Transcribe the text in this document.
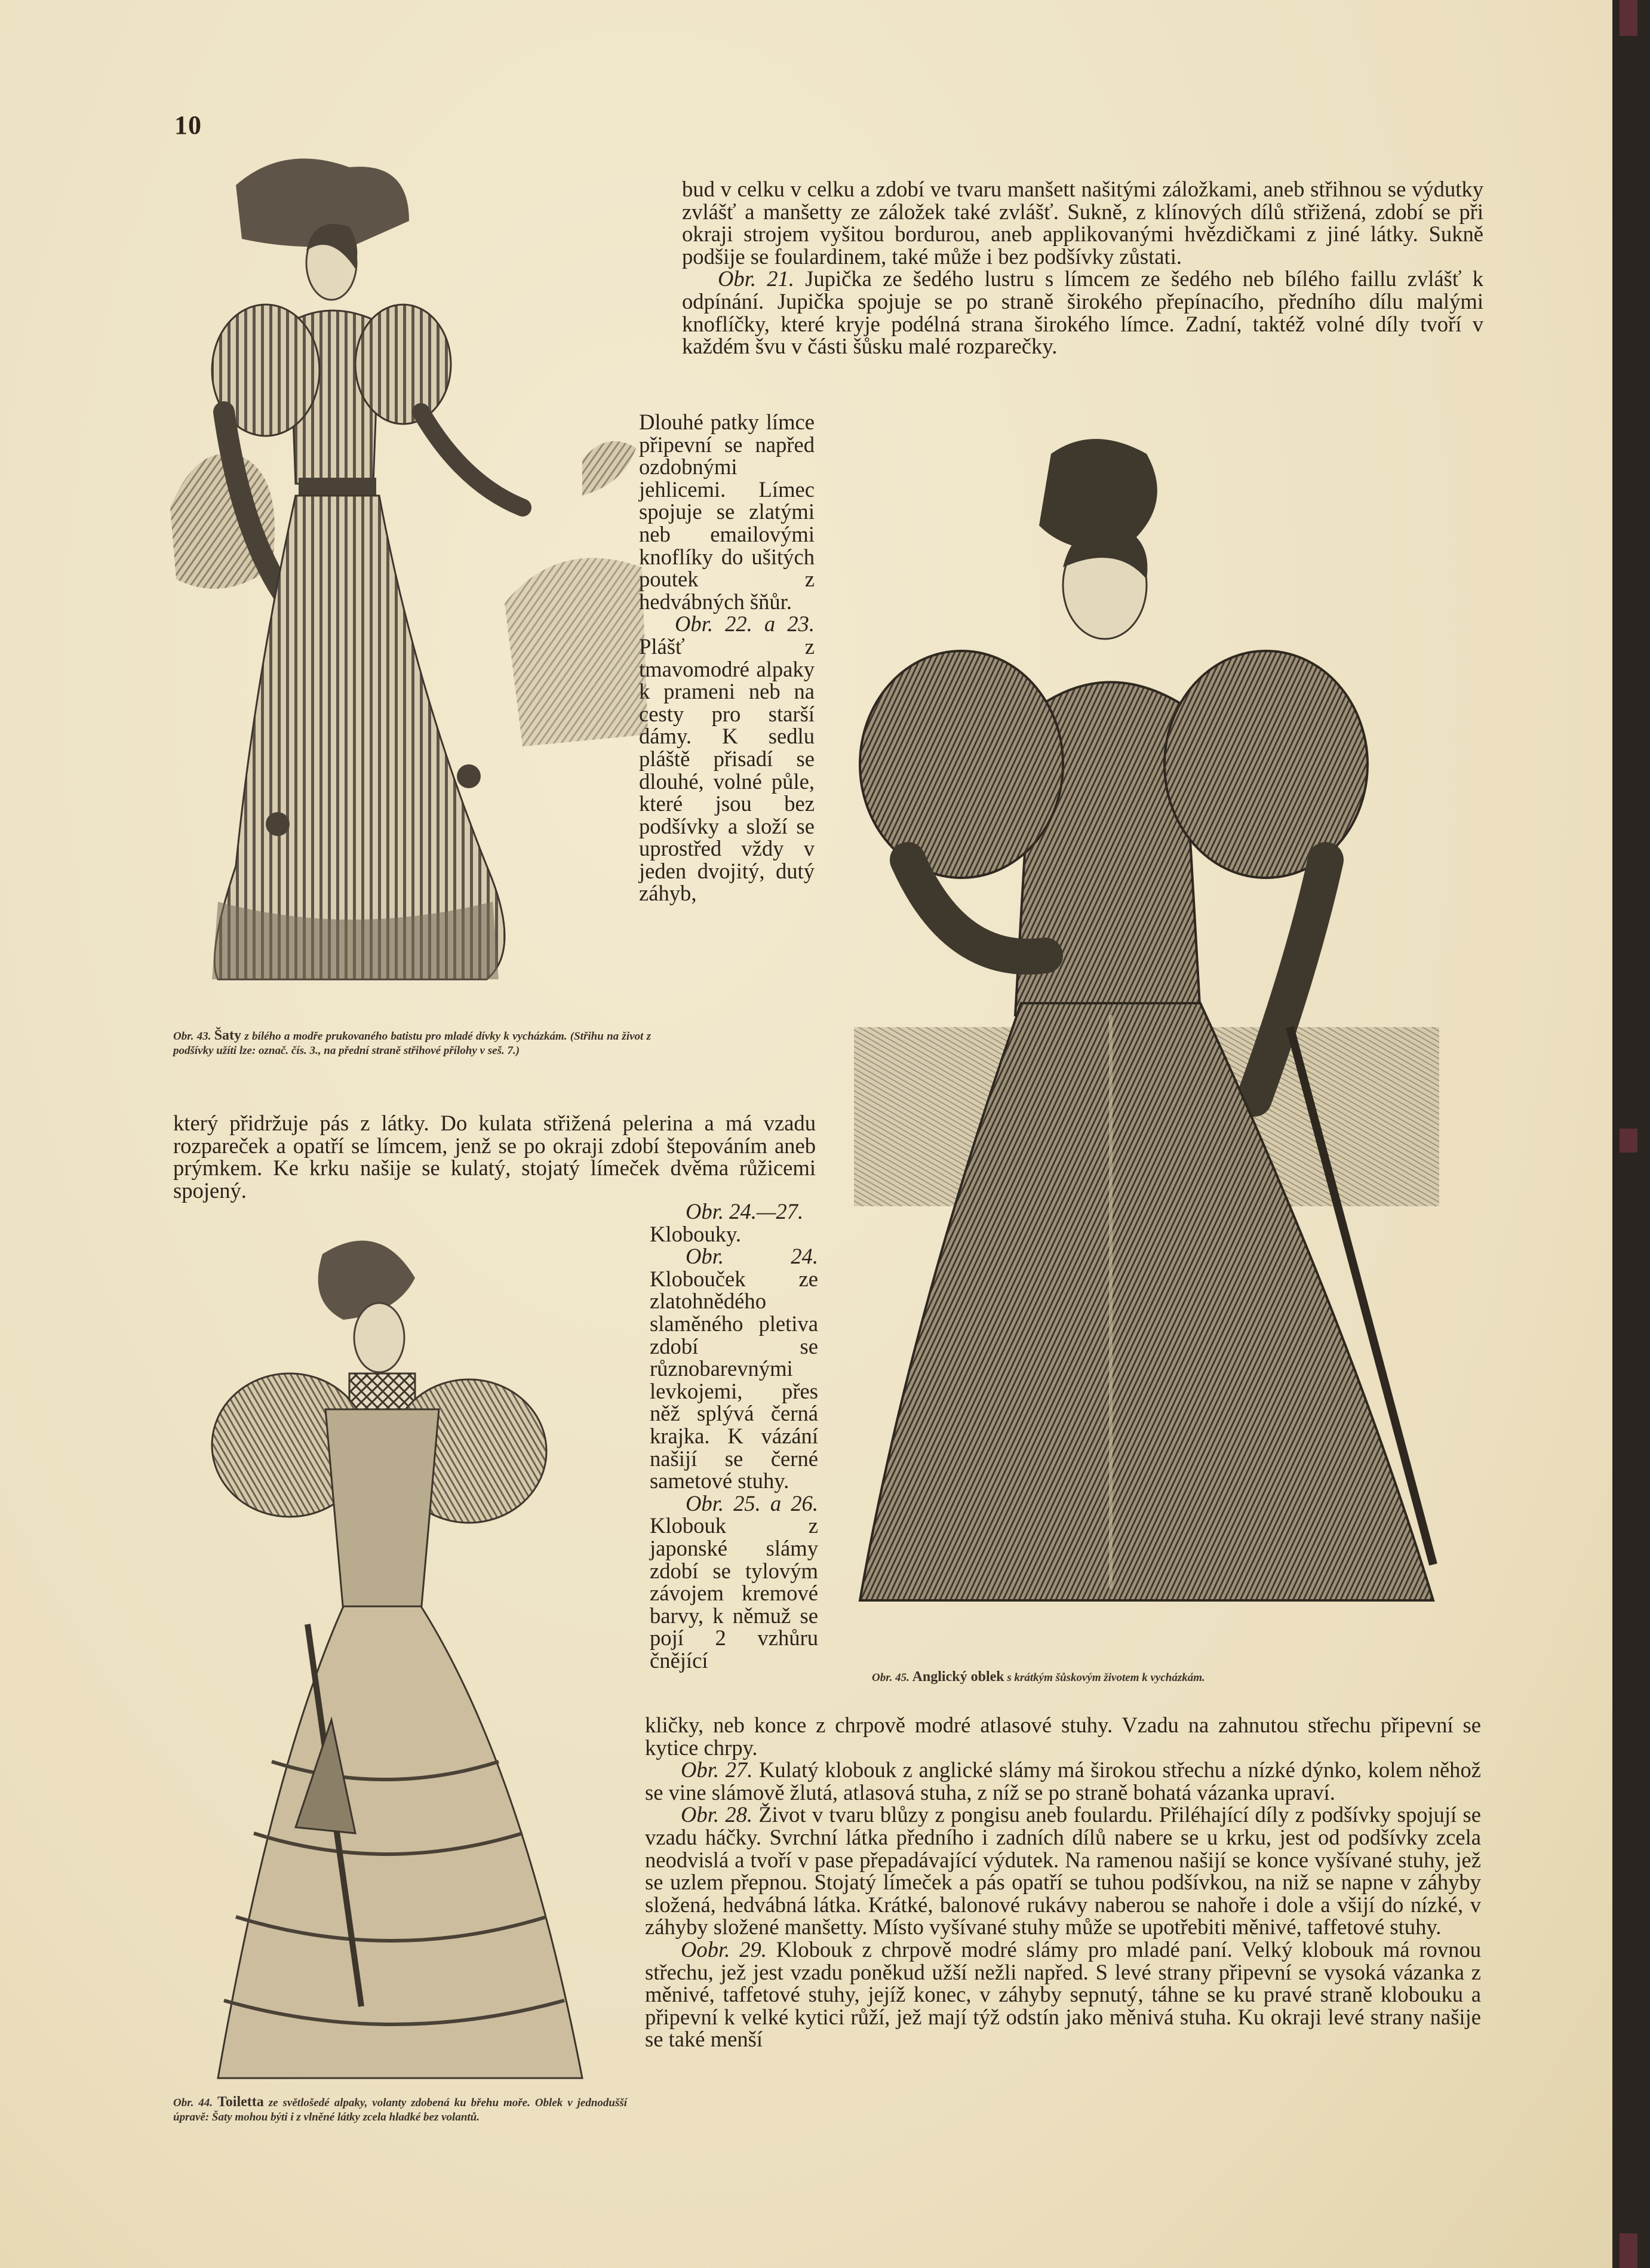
10

bud v celku v celku a zdobí ve tvaru manšett našitými záložkami, aneb střihnou se výdutky zvlášť a manšetty ze záložek také zvlášť. Sukně, z klínových dílů střižená, zdobí se při okraji strojem vyšitou bordurou, aneb applikovanými hvězdičkami z jiné látky. Sukně podšije se foulardinem, také může i bez podšívky zůstati.

Obr. 21. Jupička ze šedého lustru s límcem ze šedého neb bílého faillu zvlášť k odpínání. Jupička spojuje se po straně širokého přepínacího, předního dílu malými knoflíčky, které kryje podélná strana širokého límce. Zadní, taktéž volné díly tvoří v každém švu v části šůsku malé rozparečky.

Dlouhé patky límce připevní se napřed ozdobnými jehlicemi. Límec spojuje se zlatými neb emailovými knoflíky do ušitých poutek z hedvábných šňůr.

Obr. 22. a 23. Plášť z tmavomodré alpaky k prameni neb na cesty pro starší dámy. K sedlu pláště přisadí se dlouhé, volné půle, které jsou bez podšívky a složí se uprostřed vždy v jeden dvojitý, dutý záhyb,

který přidržuje pás z látky. Do kulata střižená pelerina a má vzadu rozpareček a opatří se límcem, jenž se po okraji zdobí štepováním aneb prýmkem. Ke krku našije se kulatý, stojatý límeček dvěma růžicemi spojený.

Obr. 24.—27.
Klobouky.

Obr. 24. Klobouček ze zlatohnědého slaměného pletiva zdobí se různobarevnými levkojemi, přes něž splývá černá krajka. K vázání našijí se černé sametové stuhy.

Obr. 25. a 26. Klobouk z japonské slámy zdobí se tylovým závojem kremové barvy, k němuž se pojí 2 vzhůru čnějící

kličky, neb konce z chrpově modré atlasové stuhy. Vzadu na zahnutou střechu připevní se kytice chrpy.

Obr. 27. Kulatý klobouk z anglické slámy má širokou střechu a nízké dýnko, kolem něhož se vine slámově žlutá, atlasová stuha, z níž se po straně bohatá vázanka upraví.

Obr. 28. Život v tvaru blůzy z pongisu aneb foulardu. Přiléhající díly z podšívky spojují se vzadu háčky. Svrchní látka předního i zadních dílů nabere se u krku, jest od podšívky zcela neodvislá a tvoří v pase přepadávající výdutek. Na ramenou našijí se konce vyšívané stuhy, jež se uzlem přepnou. Stojatý límeček a pás opatří se tuhou podšívkou, na niž se napne v záhyby složená, hedvábná látka. Krátké, balonové rukávy naberou se nahoře i dole a všijí do nízké, v záhyby složené manšetty. Místo vyšívané stuhy může se upotřebiti měnivé, taffetové stuhy.

Oobr. 29. Klobouk z chrpově modré slámy pro mladé paní. Velký klobouk má rovnou střechu, jež jest vzadu poněkud užší nežli napřed. S levé strany připevní se vysoká vázanka z měnivé, taffetové stuhy, jejíž konec, v záhyby sepnutý, táhne se ku pravé straně klobouku a připevní k velké kytici růží, jež mají týž odstín jako měnivá stuha. Ku okraji levé strany našije se také menší

Obr. 43. Šaty z bílého a modře prukovaného batistu pro mladé dívky k vycházkám. (Střihu na život z podšívky užíti lze: označ. čís. 3., na přední straně střihové přílohy v seš. 7.)
Obr. 44. Toiletta ze světlošedé alpaky, volanty zdobená ku břehu moře. Oblek v jednodušší úpravě: Šaty mohou býti i z vlněné látky zcela hladké bez volantů.
Obr. 45. Anglický oblek s krátkým šůskovým životem k vycházkám.
